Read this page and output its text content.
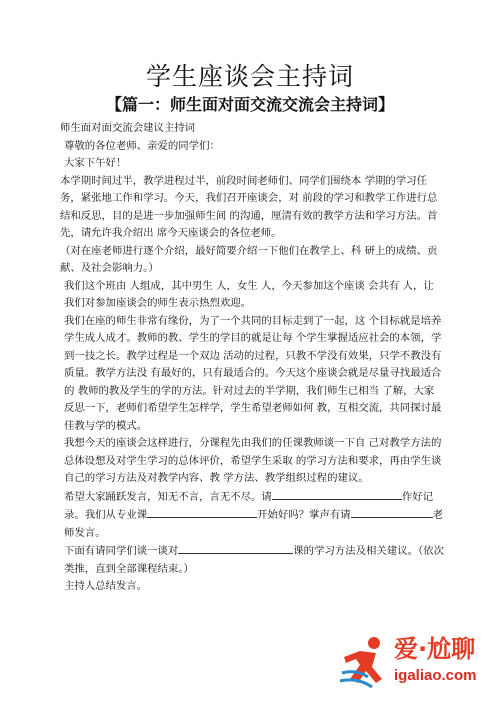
学生座谈会主持词
【篇一：师生面对面交流交流会主持词】

师生面对面交流会建议主持词

尊敬的各位老师、亲爱的同学们：

大家下午好！

本学期时间过半，教学进程过半，前段时间老师们、同学们围绕本 学期的学习任务，紧张地工作和学习。今天，我们召开座谈会，对 前段的学习和教学工作进行总结和反思，目的是进一步加强师生间 的沟通，厘清有效的教学方法和学习方法。首先，请允许我介绍出 席今天座谈会的各位老师。

（对在座老师进行逐个介绍，最好简要介绍一下他们在教学上、科 研上的成绩、贡献、及社会影响力。）

我们这个班由 人组成，其中男生 人，女生 人，今天参加这个座谈 会共有 人，让我们对参加座谈会的师生表示热烈欢迎。

我们在座的师生非常有缘份，为了一个共同的目标走到了一起，这 个目标就是培养学生成人成才。教师的教、学生的学目的就是让每 个学生掌握适应社会的本领，学到一技之长。教学过程是一个双边 活动的过程，只教不学没有效果，只学不教没有质量。教学方法没 有最好的，只有最适合的。今天这个座谈会就是尽量寻找最适合的 教师的教及学生的学的方法。针对过去的半学期，我们师生已相当 了解，大家反思一下，老师们希望学生怎样学，学生希望老师如何 教，互相交流，共同探讨最佳教与学的模式。

我想今天的座谈会这样进行，分课程先由我们的任课教师谈一下自 己对教学方法的总体设想及对学生学习的总体评价，希望学生采取 的学习方法和要求，再由学生谈自己的学习方法及对教学内容、教 学方法、教学组织过程的建议。

希望大家踊跃发言，知无不言，言无不尽。请	作好记录。我们从专业课	开始好吗？掌声有请	老师发言。

下面有请同学们谈一谈对	课的学习方法及相关建议。（依次类推，直到全部课程结束。）

主持人总结发言。

爱·尬聊
igaliao.com
